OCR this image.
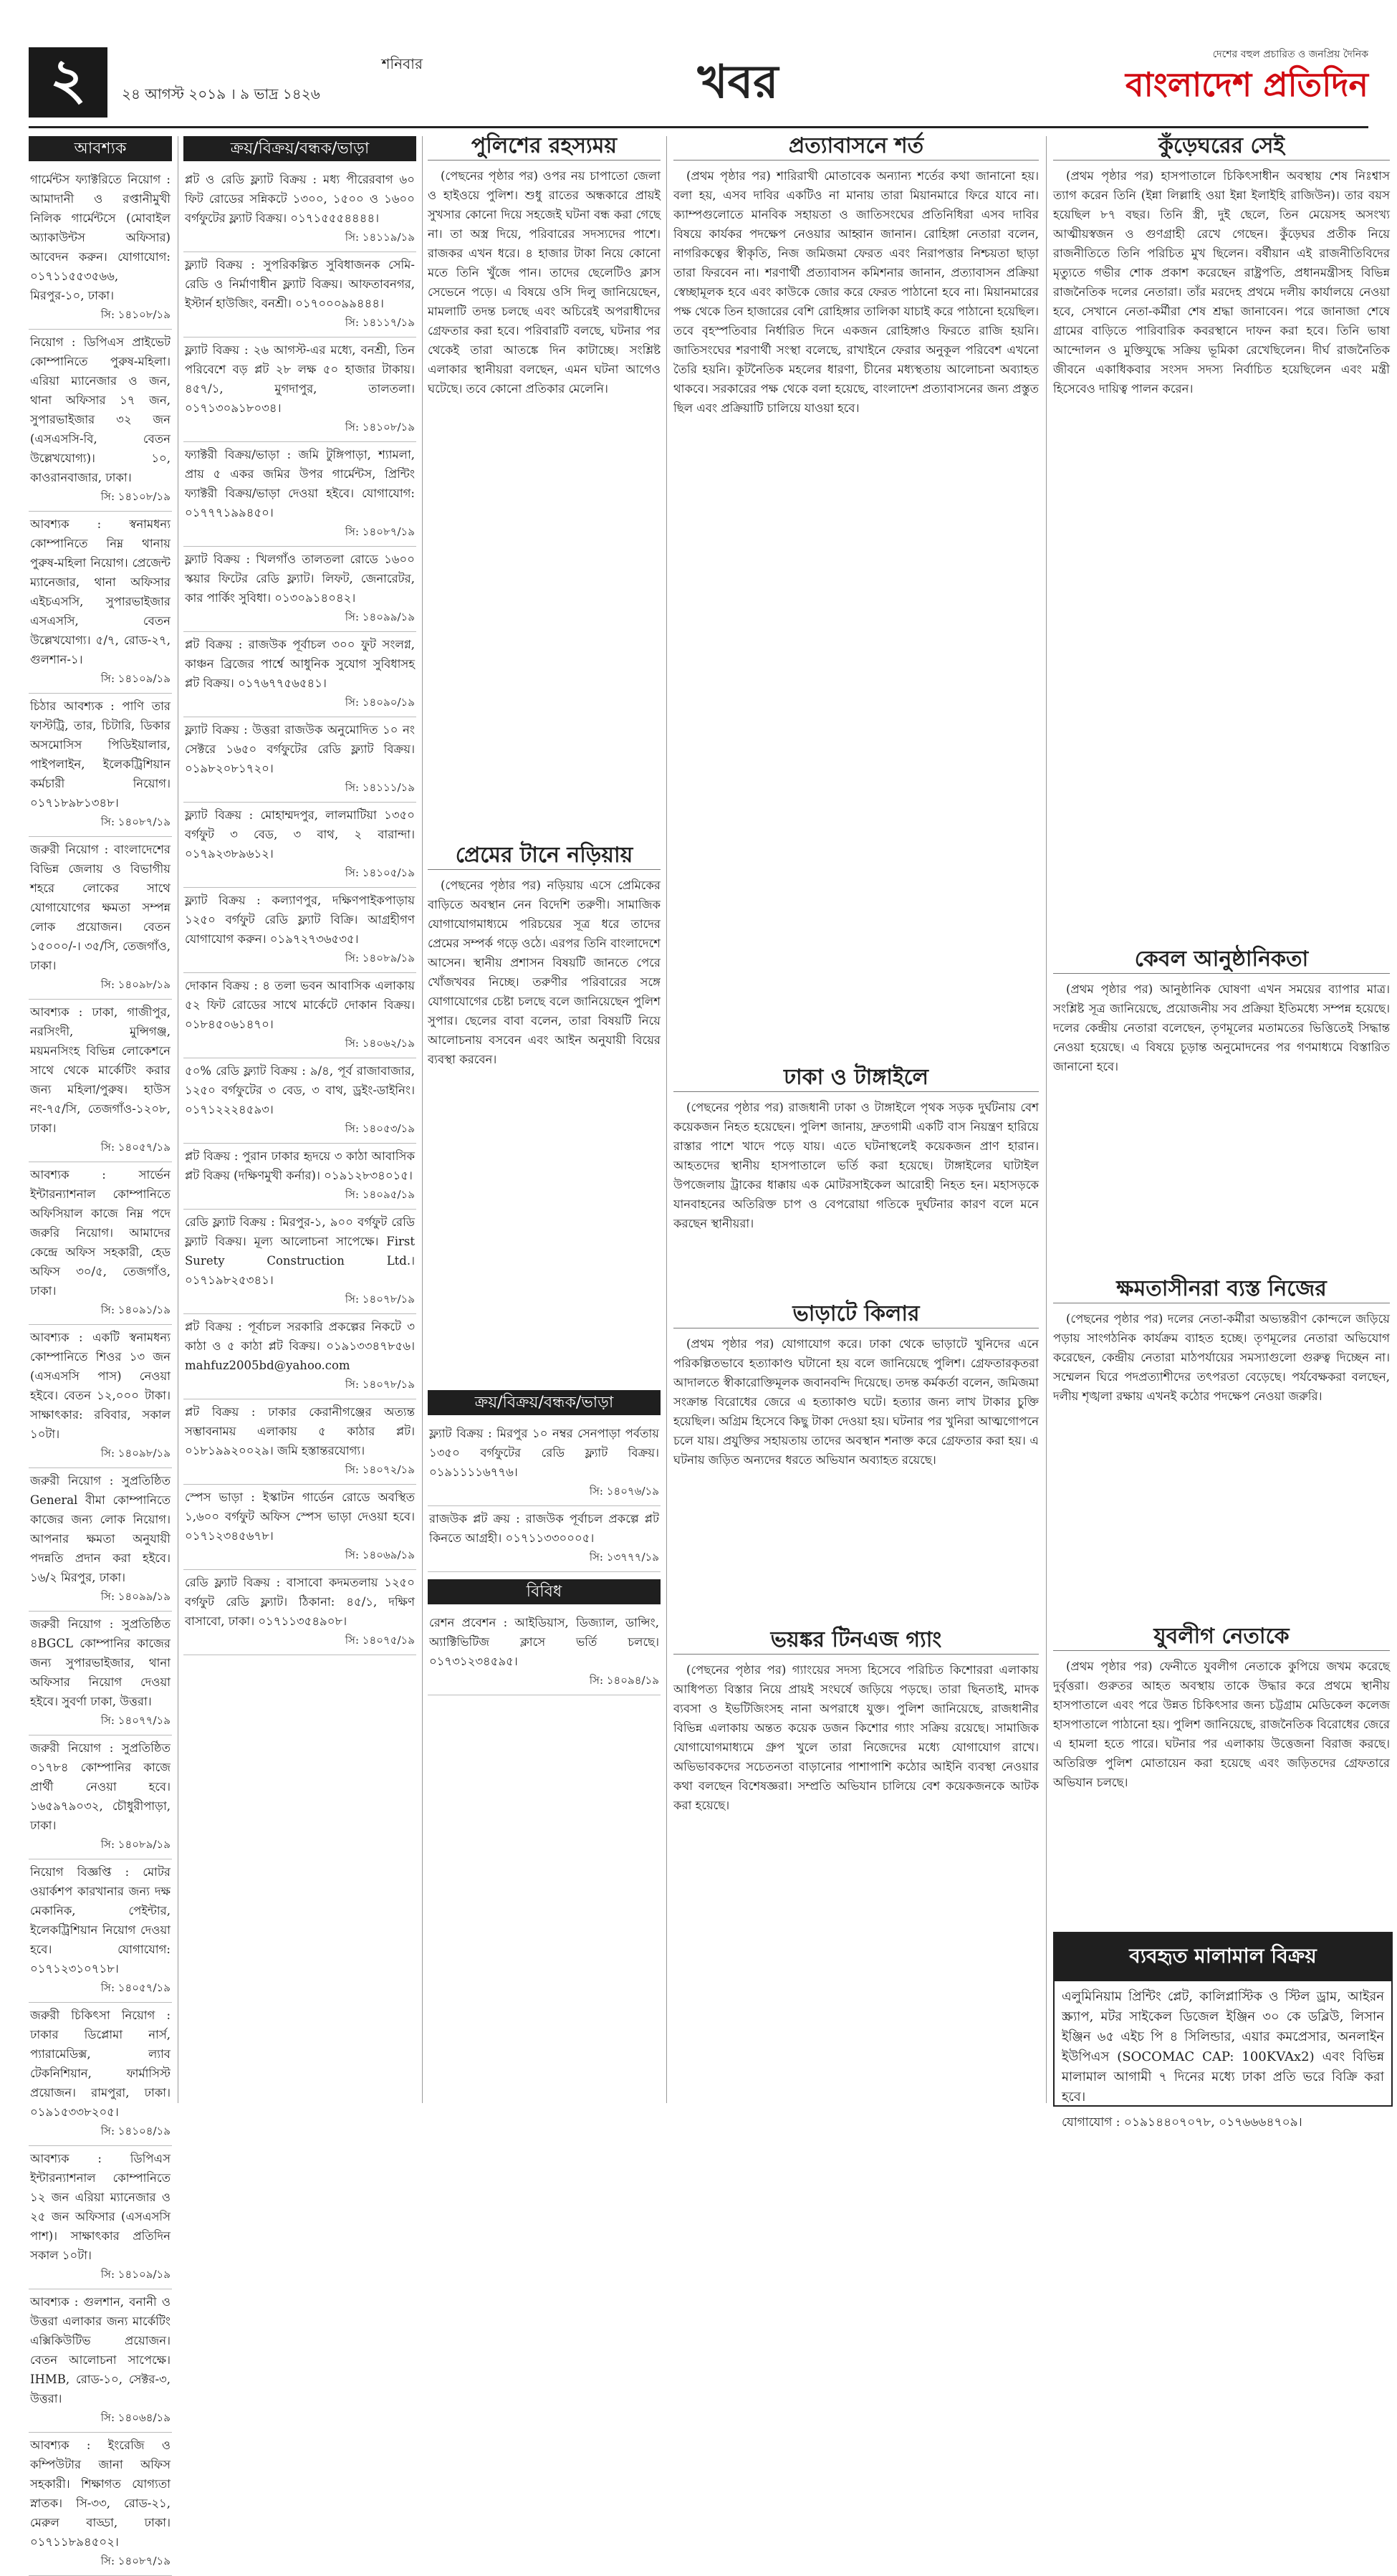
২	শনিবার
২৪ আগস্ট ২০১৯ । ৯ ভাদ্র ১৪২৬	খবর
দেশের বহুল প্রচারিত ও জনপ্রিয় দৈনিক
বাংলাদেশ প্রতিদিন
আবশ্যক
গার্মেন্টস ফ্যাক্টরিতে নিয়োগ : আমাদানী ও রপ্তানীমুখী নিলিক গার্মেন্টসে (মোবাইল অ্যাকাউন্টস অফিসার) আবেদন করুন। যোগাযোগ: ০১৭১১৫৫৩৫৬৬, মিরপুর-১০, ঢাকা।
সি: ১৪১০৮/১৯
নিয়োগ : ডিপিএস প্রাইভেট কোম্পানিতে পুরুষ-মহিলা। এরিয়া ম্যানেজার ও জন, থানা অফিসার ১৭ জন, সুপারভাইজার ৩২ জন (এসএসসি-বি, বেতন উল্লেখযোগ্য)। ১০, কাওরানবাজার, ঢাকা।
সি: ১৪১০৮/১৯
আবশ্যক : স্বনামধন্য কোম্পানিতে নিম্ন থানায় পুরুষ-মহিলা নিয়োগ। প্রেজেন্ট ম্যানেজার, থানা অফিসার এইচএসসি, সুপারভাইজার এসএসসি, বেতন উল্লেখযোগ্য। ৫/৭, রোড-২৭, গুলশান-১।
সি: ১৪১০৯/১৯
চিঠার আবশ্যক : পাণি তার ফাস্টট্রি, তার, চিটারি, ডিকার অসমোসিস পিডিইয়ালার, পাইপলাইন, ইলেকট্রিশিয়ান কর্মচারী নিয়োগ। ০১৭১৮৯৮১৩৪৮।
সি: ১৪০৮৭/১৯
জরুরী নিয়োগ : বাংলাদেশের বিভিন্ন জেলায় ও বিভাগীয় শহরে লোকের সাথে যোগাযোগের ক্ষমতা সম্পন্ন লোক প্রয়োজন। বেতন ১৫০০০/-। ৩৫/সি, তেজগাঁও, ঢাকা।
সি: ১৪০৯৮/১৯
আবশ্যক : ঢাকা, গাজীপুর, নরসিংদী, মুন্সিগঞ্জ, ময়মনসিংহ বিভিন্ন লোকেশনে সাথে থেকে মার্কেটিং করার জন্য মহিলা/পুরুষ। হাউস নং-৭৫/সি, তেজগাঁও-১২০৮, ঢাকা।
সি: ১৪০৫৭/১৯
আবশ্যক : সার্ভেন ইন্টারন্যাশনাল কোম্পানিতে অফিসিয়াল কাজে নিম্ন পদে জরুরি নিয়োগ। আমাদের কেন্দ্রে অফিস সহকারী, হেড অফিস ৩০/৫, তেজগাঁও, ঢাকা।
সি: ১৪০৯১/১৯
আবশ্যক : একটি স্বনামধন্য কোম্পানিতে শিওর ১৩ জন (এসএসসি পাস) নেওয়া হইবে। বেতন ১২,০০০ টাকা। সাক্ষাৎকার: রবিবার, সকাল ১০টা।
সি: ১৪০৯৮/১৯
জরুরী নিয়োগ : সুপ্রতিষ্ঠিত General বীমা কোম্পানিতে কাজের জন্য লোক নিয়োগ। আপনার ক্ষমতা অনুযায়ী পদন্নতি প্রদান করা হইবে। ১৬/২ মিরপুর, ঢাকা।
সি: ১৪০৯৯/১৯
জরুরী নিয়োগ : সুপ্রতিষ্ঠিত ৪BGCL কোম্পানির কাজের জন্য সুপারভাইজার, থানা অফিসার নিয়োগ দেওয়া হইবে। সুবর্ণা ঢাকা, উত্তরা।
সি: ১৪০৭৭/১৯
জরুরী নিয়োগ : সুপ্রতিষ্ঠিত ০১৭৮৪ কোম্পানির কাজে প্রার্থী নেওয়া হবে। ১৬৫৯৭৯০৩২, চৌধুরীপাড়া, ঢাকা।
সি: ১৪০৮৯/১৯
নিয়োগ বিজ্ঞপ্তি : মোটর ওয়ার্কশপ কারখানার জন্য দক্ষ মেকানিক, পেইন্টার, ইলেকট্রিশিয়ান নিয়োগ দেওয়া হবে। যোগাযোগ: ০১৭১২৩১০৭১৮।
সি: ১৪০৫৭/১৯
জরুরী চিকিৎসা নিয়োগ : ঢাকার ডিপ্লোমা নার্স, প্যারামেডিক্স, ল্যাব টেকনিশিয়ান, ফার্মাসিস্ট প্রয়োজন। রামপুরা, ঢাকা। ০১৯১৫৩৩৮২০৫।
সি: ১৪১০৪/১৯
আবশ্যক : ডিপিএস ইন্টারন্যাশনাল কোম্পানিতে ১২ জন এরিয়া ম্যানেজার ও ২৫ জন অফিসার (এসএসসি পাশ)। সাক্ষাৎকার প্রতিদিন সকাল ১০টা।
সি: ১৪১০৯/১৯
আবশ্যক : গুলশান, বনানী ও উত্তরা এলাকার জন্য মার্কেটিং এক্সিকিউটিভ প্রয়োজন। বেতন আলোচনা সাপেক্ষে। IHMB, রোড-১০, সেক্টর-৩, উত্তরা।
সি: ১৪০৬৪/১৯
আবশ্যক : ইংরেজি ও কম্পিউটার জানা অফিস সহকারী। শিক্ষাগত যোগ্যতা স্নাতক। সি-৩৩, রোড-২১, মেরুল বাড্ডা, ঢাকা। ০১৭১১৮৯৪৫০২।
সি: ১৪০৮৭/১৯
ক্রয়/বিক্রয়/বন্ধক/ভাড়া
প্লট ও রেডি ফ্ল্যাট বিক্রয় : মধ্য পীরেরবাগ ৬০ ফিট রোডের সন্নিকটে ১৩০০, ১৫০০ ও ১৬০০ বর্গফুটের ফ্ল্যাট বিক্রয়। ০১৭১৫৫৫৪৪৪৪।
সি: ১৪১১৯/১৯
ফ্ল্যাট বিক্রয় : সুপরিকল্পিত সুবিধাজনক সেমি-রেডি ও নির্মাণাধীন ফ্ল্যাট বিক্রয়। আফতাবনগর, ইস্টার্ন হাউজিং, বনশ্রী। ০১৭০০০৯৯৪৪৪।
সি: ১৪১১৭/১৯
ফ্ল্যাট বিক্রয় : ২৬ আগস্ট-এর মধ্যে, বনশ্রী, তিন পরিবেশে বড় প্লট ২৮ লক্ষ ৫০ হাজার টাকায়। ৪৫৭/১, মুগদাপুর, তালতলা। ০১৭১৩০৯১৮০৩৪।
সি: ১৪১০৮/১৯
ফ্যাক্টরী বিক্রয়/ভাড়া : জমি টুঙ্গিপাড়া, শ্যামলা, প্রায় ৫ একর জমির উপর গার্মেন্টস, প্রিন্টিং ফ্যাক্টরী বিক্রয়/ভাড়া দেওয়া হইবে। যোগাযোগ: ০১৭৭৭১৯৯৪৫০।
সি: ১৪০৮৭/১৯
ফ্ল্যাট বিক্রয় : খিলগাঁও তালতলা রোডে ১৬০০ স্কয়ার ফিটের রেডি ফ্ল্যাট। লিফট, জেনারেটর, কার পার্কিং সুবিধা। ০১৩০৯১৪০৪২।
সি: ১৪০৯৯/১৯
প্লট বিক্রয় : রাজউক পূর্বাচল ৩০০ ফুট সংলগ্ন, কাঞ্চন ব্রিজের পার্শ্বে আধুনিক সুযোগ সুবিধাসহ প্লট বিক্রয়। ০১৭৬৭৭৫৬৫৪১।
সি: ১৪০৯০/১৯
ফ্ল্যাট বিক্রয় : উত্তরা রাজউক অনুমোদিত ১০ নং সেক্টরে ১৬৫০ বর্গফুটের রেডি ফ্ল্যাট বিক্রয়। ০১৯৮২০৮১৭২০।
সি: ১৪১১১/১৯
ফ্ল্যাট বিক্রয় : মোহাম্মদপুর, লালমাটিয়া ১৩৫০ বর্গফুট ৩ বেড, ৩ বাথ, ২ বারান্দা। ০১৭৯২৩৮৯৬১২।
সি: ১৪১০৫/১৯
ফ্ল্যাট বিক্রয় : কল্যাণপুর, দক্ষিণপাইকপাড়ায় ১২৫০ বর্গফুট রেডি ফ্ল্যাট বিক্রি। আগ্রহীগণ যোগাযোগ করুন। ০১৯৭২৭৩৬৫৩৫।
সি: ১৪০৮৯/১৯
দোকান বিক্রয় : ৪ তলা ভবন আবাসিক এলাকায় ৫২ ফিট রোডের সাথে মার্কেটে দোকান বিক্রয়। ০১৮৪৫০৬১৪৭০।
সি: ১৪০৬২/১৯
৫০% রেডি ফ্ল্যাট বিক্রয় : ৯/৪, পূর্ব রাজাবাজার, ১২৫০ বর্গফুটের ৩ বেড, ৩ বাথ, ড্রইং-ডাইনিং। ০১৭১২২২৪৫৯৩।
সি: ১৪০৫৩/১৯
প্লট বিক্রয় : পুরান ঢাকার হৃদয়ে ৩ কাঠা আবাসিক প্লট বিক্রয় (দক্ষিণমুখী কর্নার)। ০১৯১২৮৩৪০১৫।
সি: ১৪০৯৫/১৯
রেডি ফ্ল্যাট বিক্রয় : মিরপুর-১, ৯০০ বর্গফুট রেডি ফ্ল্যাট বিক্রয়। মূল্য আলোচনা সাপেক্ষে। First Surety Construction Ltd.। ০১৭১৯৮২৫৩৪১।
সি: ১৪০৭৮/১৯
প্লট বিক্রয় : পূর্বাচল সরকারি প্রকল্পের নিকটে ৩ কাঠা ও ৫ কাঠা প্লট বিক্রয়। ০১৯১৩৩৪৭৮৫৬। mahfuz2005bd@yahoo.com
সি: ১৪০৭৮/১৯
প্লট বিক্রয় : ঢাকার কেরানীগঞ্জের অত্যন্ত সম্ভাবনাময় এলাকায় ৫ কাঠার প্লট। ০১৮১৯৯২০০২৯। জমি হস্তান্তরযোগ্য।
সি: ১৪০৭২/১৯
স্পেস ভাড়া : ইস্কাটন গার্ডেন রোডে অবস্থিত ১,৬০০ বর্গফুট অফিস স্পেস ভাড়া দেওয়া হবে। ০১৭১২৩৪৫৬৭৮।
সি: ১৪০৬৯/১৯
রেডি ফ্ল্যাট বিক্রয় : বাসাবো কদমতলায় ১২৫০ বর্গফুট রেডি ফ্ল্যাট। ঠিকানা: ৪৫/১, দক্ষিণ বাসাবো, ঢাকা। ০১৭১১৩৫৪৯০৮।
সি: ১৪০৭৫/১৯
পুলিশের রহস্যময়

(পেছনের পৃষ্ঠার পর) ওপর নয় চাপাতো জেলা ও হাইওয়ে পুলিশ। শুধু রাতের অন্ধকারে প্রায়ই সুখসার কোনো দিয়ে সহজেই ঘটনা বন্ধ করা গেছে না। তা অস্ত্র দিয়ে, পরিবারের সদস্যদের পাশে। রাজকর এখন ধরে। ৪ হাজার টাকা নিয়ে কোনো মতে তিনি খুঁজে পান। তাদের ছেলেটিও ক্লাস সেভেনে পড়ে। এ বিষয়ে ওসি দিলু জানিয়েছেন, মামলাটি তদন্ত চলছে এবং অচিরেই অপরাধীদের গ্রেফতার করা হবে। পরিবারটি বলছে, ঘটনার পর থেকেই তারা আতঙ্কে দিন কাটাচ্ছে। সংশ্লিষ্ট এলাকার স্থানীয়রা বলছেন, এমন ঘটনা আগেও ঘটেছে। তবে কোনো প্রতিকার মেলেনি।

প্রেমের টানে নড়িয়ায়

(পেছনের পৃষ্ঠার পর) নড়িয়ায় এসে প্রেমিকের বাড়িতে অবস্থান নেন বিদেশি তরুণী। সামাজিক যোগাযোগমাধ্যমে পরিচয়ের সূত্র ধরে তাদের প্রেমের সম্পর্ক গড়ে ওঠে। এরপর তিনি বাংলাদেশে আসেন। স্থানীয় প্রশাসন বিষয়টি জানতে পেরে খোঁজখবর নিচ্ছে। তরুণীর পরিবারের সঙ্গে যোগাযোগের চেষ্টা চলছে বলে জানিয়েছেন পুলিশ সুপার। ছেলের বাবা বলেন, তারা বিষয়টি নিয়ে আলোচনায় বসবেন এবং আইন অনুযায়ী বিয়ের ব্যবস্থা করবেন।

ক্রয়/বিক্রয়/বন্ধক/ভাড়া
ফ্ল্যাট বিক্রয় : মিরপুর ১০ নম্বর সেনপাড়া পর্বতায় ১৩৫০ বর্গফুটের রেডি ফ্ল্যাট বিক্রয়। ০১৯১১১১৬৭৭৬।
সি: ১৪০৭৬/১৯
রাজউক প্লট ক্রয় : রাজউক পূর্বাচল প্রকল্পে প্লট কিনতে আগ্রহী। ০১৭১১৩৩০০০৫।
সি: ১৩৭৭৭/১৯
বিবিধ
রেশন প্রবেশন : আইডিয়াস, ডিজ্যাল, ডান্সিং, অ্যাক্টিভিটিজ ক্লাসে ভর্তি চলছে। ০১৭৩১২৩৪৫৯৫।
সি: ১৪০৯৪/১৯
প্রত্যাবাসনে শর্ত

(প্রথম পৃষ্ঠার পর) শারিরাখী মোতাবেক অন্যান্য শর্তের কথা জানানো হয়। বলা হয়, এসব দাবির একটিও না মানায় তারা মিয়ানমারে ফিরে যাবে না। ক্যাম্পগুলোতে মানবিক সহায়তা ও জাতিসংঘের প্রতিনিধিরা এসব দাবির বিষয়ে কার্যকর পদক্ষেপ নেওয়ার আহ্বান জানান। রোহিঙ্গা নেতারা বলেন, নাগরিকত্বের স্বীকৃতি, নিজ জমিজমা ফেরত এবং নিরাপত্তার নিশ্চয়তা ছাড়া তারা ফিরবেন না। শরণার্থী প্রত্যাবাসন কমিশনার জানান, প্রত্যাবাসন প্রক্রিয়া স্বেচ্ছামূলক হবে এবং কাউকে জোর করে ফেরত পাঠানো হবে না। মিয়ানমারের পক্ষ থেকে তিন হাজারের বেশি রোহিঙ্গার তালিকা যাচাই করে পাঠানো হয়েছিল। তবে বৃহস্পতিবার নির্ধারিত দিনে একজন রোহিঙ্গাও ফিরতে রাজি হয়নি। জাতিসংঘের শরণার্থী সংস্থা বলেছে, রাখাইনে ফেরার অনুকূল পরিবেশ এখনো তৈরি হয়নি। কূটনৈতিক মহলের ধারণা, চীনের মধ্যস্থতায় আলোচনা অব্যাহত থাকবে। সরকারের পক্ষ থেকে বলা হয়েছে, বাংলাদেশ প্রত্যাবাসনের জন্য প্রস্তুত ছিল এবং প্রক্রিয়াটি চালিয়ে যাওয়া হবে।

ঢাকা ও টাঙ্গাইলে

(পেছনের পৃষ্ঠার পর) রাজধানী ঢাকা ও টাঙ্গাইলে পৃথক সড়ক দুর্ঘটনায় বেশ কয়েকজন নিহত হয়েছেন। পুলিশ জানায়, দ্রুতগামী একটি বাস নিয়ন্ত্রণ হারিয়ে রাস্তার পাশে খাদে পড়ে যায়। এতে ঘটনাস্থলেই কয়েকজন প্রাণ হারান। আহতদের স্থানীয় হাসপাতালে ভর্তি করা হয়েছে। টাঙ্গাইলের ঘাটাইল উপজেলায় ট্রাকের ধাক্কায় এক মোটরসাইকেল আরোহী নিহত হন। মহাসড়কে যানবাহনের অতিরিক্ত চাপ ও বেপরোয়া গতিকে দুর্ঘটনার কারণ বলে মনে করছেন স্থানীয়রা।

ভাড়াটে কিলার

(প্রথম পৃষ্ঠার পর) যোগাযোগ করে। ঢাকা থেকে ভাড়াটে খুনিদের এনে পরিকল্পিতভাবে হত্যাকাণ্ড ঘটানো হয় বলে জানিয়েছে পুলিশ। গ্রেফতারকৃতরা আদালতে স্বীকারোক্তিমূলক জবানবন্দি দিয়েছে। তদন্ত কর্মকর্তা বলেন, জমিজমা সংক্রান্ত বিরোধের জেরে এ হত্যাকাণ্ড ঘটে। হত্যার জন্য লাখ টাকার চুক্তি হয়েছিল। অগ্রিম হিসেবে কিছু টাকা দেওয়া হয়। ঘটনার পর খুনিরা আত্মগোপনে চলে যায়। প্রযুক্তির সহায়তায় তাদের অবস্থান শনাক্ত করে গ্রেফতার করা হয়। এ ঘটনায় জড়িত অন্যদের ধরতে অভিযান অব্যাহত রয়েছে।

ভয়ঙ্কর টিনএজ গ্যাং

(পেছনের পৃষ্ঠার পর) গ্যাংয়ের সদস্য হিসেবে পরিচিত কিশোররা এলাকায় আধিপত্য বিস্তার নিয়ে প্রায়ই সংঘর্ষে জড়িয়ে পড়ছে। তারা ছিনতাই, মাদক ব্যবসা ও ইভটিজিংসহ নানা অপরাধে যুক্ত। পুলিশ জানিয়েছে, রাজধানীর বিভিন্ন এলাকায় অন্তত কয়েক ডজন কিশোর গ্যাং সক্রিয় রয়েছে। সামাজিক যোগাযোগমাধ্যমে গ্রুপ খুলে তারা নিজেদের মধ্যে যোগাযোগ রাখে। অভিভাবকদের সচেতনতা বাড়ানোর পাশাপাশি কঠোর আইনি ব্যবস্থা নেওয়ার কথা বলছেন বিশেষজ্ঞরা। সম্প্রতি অভিযান চালিয়ে বেশ কয়েকজনকে আটক করা হয়েছে।

কুঁড়েঘরের সেই

(প্রথম পৃষ্ঠার পর) হাসপাতালে চিকিৎসাধীন অবস্থায় শেষ নিঃশ্বাস ত্যাগ করেন তিনি (ইন্না লিল্লাহি ওয়া ইন্না ইলাইহি রাজিউন)। তার বয়স হয়েছিল ৮৭ বছর। তিনি স্ত্রী, দুই ছেলে, তিন মেয়েসহ অসংখ্য আত্মীয়স্বজন ও গুণগ্রাহী রেখে গেছেন। কুঁড়েঘর প্রতীক নিয়ে রাজনীতিতে তিনি পরিচিত মুখ ছিলেন। বর্ষীয়ান এই রাজনীতিবিদের মৃত্যুতে গভীর শোক প্রকাশ করেছেন রাষ্ট্রপতি, প্রধানমন্ত্রীসহ বিভিন্ন রাজনৈতিক দলের নেতারা। তাঁর মরদেহ প্রথমে দলীয় কার্যালয়ে নেওয়া হবে, সেখানে নেতা-কর্মীরা শেষ শ্রদ্ধা জানাবেন। পরে জানাজা শেষে গ্রামের বাড়িতে পারিবারিক কবরস্থানে দাফন করা হবে। তিনি ভাষা আন্দোলন ও মুক্তিযুদ্ধে সক্রিয় ভূমিকা রেখেছিলেন। দীর্ঘ রাজনৈতিক জীবনে একাধিকবার সংসদ সদস্য নির্বাচিত হয়েছিলেন এবং মন্ত্রী হিসেবেও দায়িত্ব পালন করেন।

কেবল আনুষ্ঠানিকতা

(প্রথম পৃষ্ঠার পর) আনুষ্ঠানিক ঘোষণা এখন সময়ের ব্যাপার মাত্র। সংশ্লিষ্ট সূত্র জানিয়েছে, প্রয়োজনীয় সব প্রক্রিয়া ইতিমধ্যে সম্পন্ন হয়েছে। দলের কেন্দ্রীয় নেতারা বলেছেন, তৃণমূলের মতামতের ভিত্তিতেই সিদ্ধান্ত নেওয়া হয়েছে। এ বিষয়ে চূড়ান্ত অনুমোদনের পর গণমাধ্যমে বিস্তারিত জানানো হবে।

ক্ষমতাসীনরা ব্যস্ত নিজের

(পেছনের পৃষ্ঠার পর) দলের নেতা-কর্মীরা অভ্যন্তরীণ কোন্দলে জড়িয়ে পড়ায় সাংগঠনিক কার্যক্রম ব্যাহত হচ্ছে। তৃণমূলের নেতারা অভিযোগ করেছেন, কেন্দ্রীয় নেতারা মাঠপর্যায়ের সমস্যাগুলো গুরুত্ব দিচ্ছেন না। সম্মেলন ঘিরে পদপ্রত্যাশীদের তৎপরতা বেড়েছে। পর্যবেক্ষকরা বলছেন, দলীয় শৃঙ্খলা রক্ষায় এখনই কঠোর পদক্ষেপ নেওয়া জরুরি।

যুবলীগ নেতাকে

(প্রথম পৃষ্ঠার পর) ফেনীতে যুবলীগ নেতাকে কুপিয়ে জখম করেছে দুর্বৃত্তরা। গুরুতর আহত অবস্থায় তাকে উদ্ধার করে প্রথমে স্থানীয় হাসপাতালে এবং পরে উন্নত চিকিৎসার জন্য চট্টগ্রাম মেডিকেল কলেজ হাসপাতালে পাঠানো হয়। পুলিশ জানিয়েছে, রাজনৈতিক বিরোধের জেরে এ হামলা হতে পারে। ঘটনার পর এলাকায় উত্তেজনা বিরাজ করছে। অতিরিক্ত পুলিশ মোতায়েন করা হয়েছে এবং জড়িতদের গ্রেফতারে অভিযান চলছে।

ব্যবহৃত মালামাল বিক্রয়
এলুমিনিয়াম প্রিন্টিং প্লেট, কালিপ্লাস্টিক ও স্টিল ড্রাম, আইরন স্ক্র্যাপ, মটর সাইকেল ডিজেল ইঞ্জিন ৩০ কে ডব্লিউ, লিসান ইঞ্জিন ৬৫ এইচ পি ৪ সিলিন্ডার, এয়ার কমপ্রেসার, অনলাইন ইউপিএস (SOCOMAC CAP: 100KVAx2) এবং বিভিন্ন মালামাল আগামী ৭ দিনের মধ্যে ঢাকা প্রতি ভরে বিক্রি করা হবে।
যোগাযোগ : ০১৯১৪৪০৭০৭৮, ০১৭৬৬৬৪৭০৯।
